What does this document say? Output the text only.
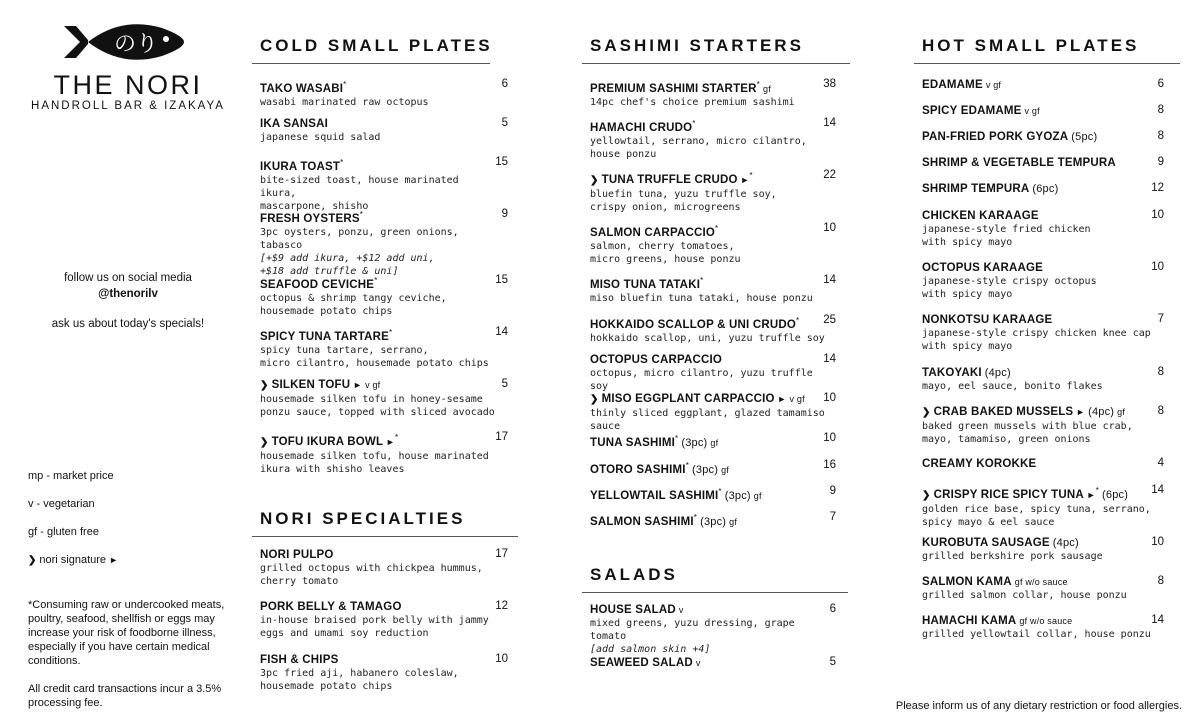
のり
THE NORI
HANDROLL BAR & IZAKAYA
follow us on social media
@thenorilv
ask us about today's specials!
mp - market price
v - vegetarian
gf - gluten free
❯ nori signature ►
*Consuming raw or undercooked meats, poultry, seafood, shellfish or eggs may increase your risk of foodborne illness, especially if you have certain medical conditions.
All credit card transactions incur a 3.5% processing fee.
COLD SMALL PLATES
TAKO WASABI*
wasabi marinated raw octopus
6
IKA SANSAI
japanese squid salad
5
IKURA TOAST*
bite-sized toast, house marinated ikura,
mascarpone, shisho
15
FRESH OYSTERS*
3pc oysters, ponzu, green onions, tabasco
[+$9 add ikura, +$12 add uni,
+$18 add truffle & uni]
9
SEAFOOD CEVICHE*
octopus & shrimp tangy ceviche,
housemade potato chips
15
SPICY TUNA TARTARE*
spicy tuna tartare, serrano,
micro cilantro, housemade potato chips
14
❯ SILKEN TOFU ► v gf
housemade silken tofu in honey-sesame
ponzu sauce, topped with sliced avocado
5
❯ TOFU IKURA BOWL ►*
housemade silken tofu, house marinated
ikura with shisho leaves
17
NORI SPECIALTIES
NORI PULPO
grilled octopus with chickpea hummus,
cherry tomato
17
PORK BELLY & TAMAGO
in-house braised pork belly with jammy
eggs and umami soy reduction
12
FISH & CHIPS
3pc fried aji, habanero coleslaw,
housemade potato chips
10
SASHIMI STARTERS
PREMIUM SASHIMI STARTER* gf
14pc chef's choice premium sashimi
38
HAMACHI CRUDO*
yellowtail, serrano, micro cilantro,
house ponzu
14
❯ TUNA TRUFFLE CRUDO ►*
bluefin tuna, yuzu truffle soy,
crispy onion, microgreens
22
SALMON CARPACCIO*
salmon, cherry tomatoes,
micro greens, house ponzu
10
MISO TUNA TATAKI*
miso bluefin tuna tataki, house ponzu
14
HOKKAIDO SCALLOP & UNI CRUDO*
hokkaido scallop, uni, yuzu truffle soy
25
OCTOPUS CARPACCIO
octopus, micro cilantro, yuzu truffle soy
14
❯ MISO EGGPLANT CARPACCIO ► v gf
thinly sliced eggplant, glazed tamamiso sauce
10
TUNA SASHIMI* (3pc) gf	10
OTORO SASHIMI* (3pc) gf	16
YELLOWTAIL SASHIMI* (3pc) gf	9
SALMON SASHIMI* (3pc) gf	7
SALADS
HOUSE SALAD v
mixed greens, yuzu dressing, grape tomato
[add salmon skin +4]
6
SEAWEED SALAD v	5
HOT SMALL PLATES
EDAMAME v gf	6
SPICY EDAMAME v gf	8
PAN-FRIED PORK GYOZA (5pc)	8
SHRIMP & VEGETABLE TEMPURA	9
SHRIMP TEMPURA (6pc)	12
CHICKEN KARAAGE
japanese-style fried chicken
with spicy mayo
10
OCTOPUS KARAAGE
japanese-style crispy octopus
with spicy mayo
10
NONKOTSU KARAAGE
japanese-style crispy chicken knee cap
with spicy mayo
7
TAKOYAKI (4pc)
mayo, eel sauce, bonito flakes
8
❯ CRAB BAKED MUSSELS ► (4pc) gf
baked green mussels with blue crab,
mayo, tamamiso, green onions
8
CREAMY KOROKKE	4
❯ CRISPY RICE SPICY TUNA ►* (6pc)
golden rice base, spicy tuna, serrano,
spicy mayo & eel sauce
14
KUROBUTA SAUSAGE (4pc)
grilled berkshire pork sausage
10
SALMON KAMA gf w/o sauce
grilled salmon collar, house ponzu
8
HAMACHI KAMA gf w/o sauce
grilled yellowtail collar, house ponzu
14
Please inform us of any dietary restriction or food allergies.
